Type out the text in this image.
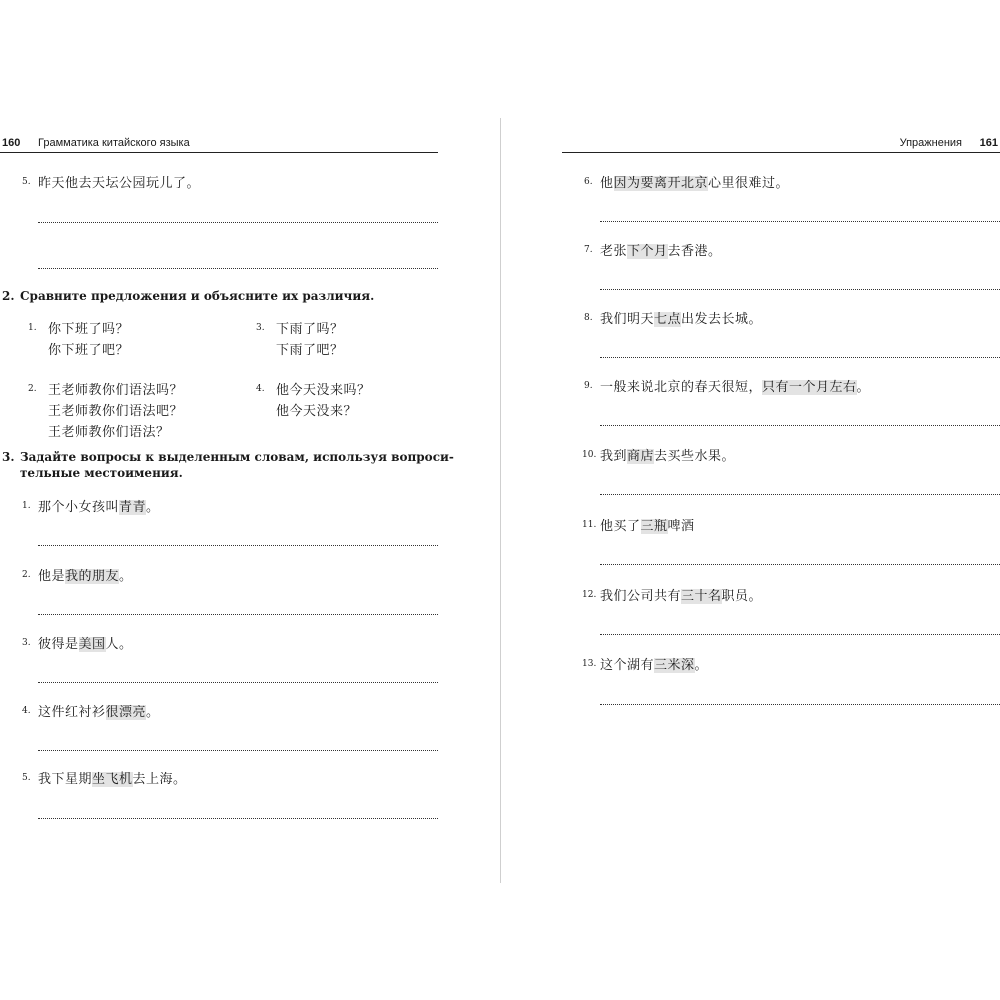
160 Грамматика китайского языка
5. 昨天他去天坛公园玩儿了。
2. Сравните предложения и объясните их различия.
1. 你下班了吗？
你下班了吧？
3. 下雨了吗？
下雨了吧？
2. 王老师教你们语法吗？
王老师教你们语法吧？
王老师教你们语法？
4. 他今天没来吗？
他今天没来？
3. Задайте вопросы к выделенным словам, используя вопроси-
тельные местоимения.
1. 那个小女孩叫青青。
2. 他是我的朋友。
3. 彼得是美国人。
4. 这件红衬衫很漂亮。
5. 我下星期坐飞机去上海。
Упражнения 161
6. 他因为要离开北京心里很难过。
7. 老张下个月去香港。
8. 我们明天七点出发去长城。
9. 一般来说北京的春天很短，只有一个月左右。
10. 我到商店去买些水果。
11. 他买了三瓶啤酒
12. 我们公司共有三十名职员。
13. 这个湖有三米深。
